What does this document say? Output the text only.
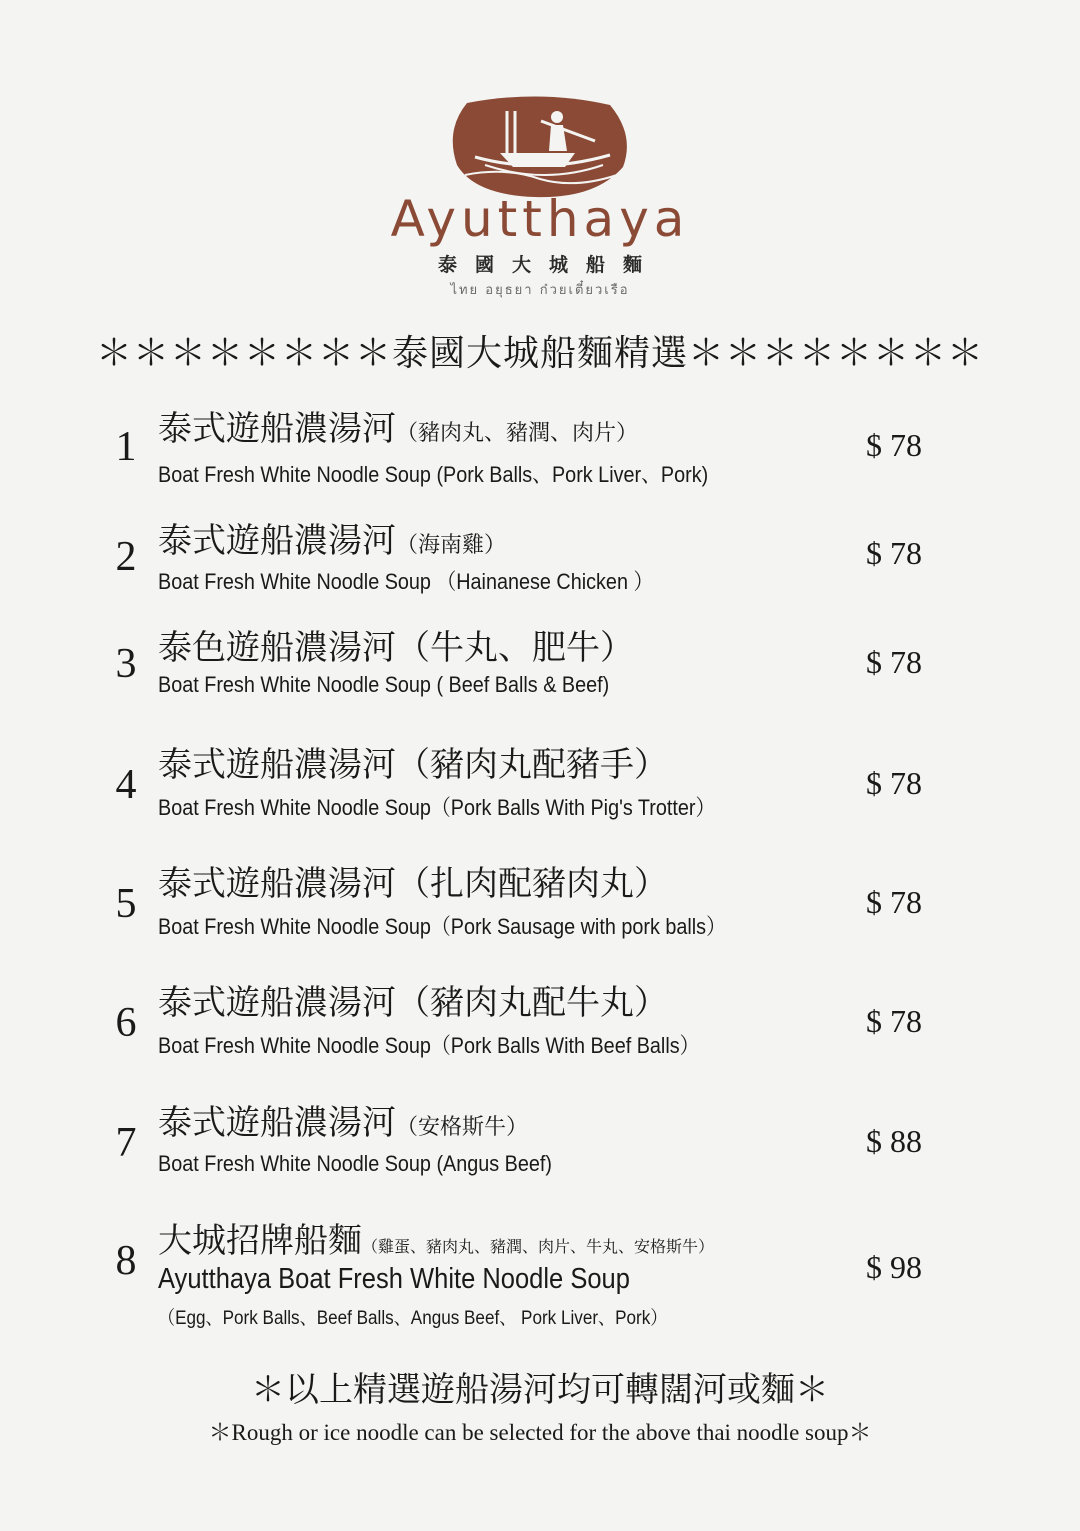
Ayutthaya
泰國大城船麵
ไทย อยุธยา ก๋วยเตี๋ยวเรือ
＊＊＊＊＊＊＊＊泰國大城船麵精選＊＊＊＊＊＊＊＊
1 泰式遊船濃湯河（豬肉丸、豬潤、肉片）
Boat Fresh White Noodle Soup (Pork Balls、Pork Liver、Pork)
$ 78
2 泰式遊船濃湯河（海南雞）
Boat Fresh White Noodle Soup （Hainanese Chicken ）
$ 78
3 泰色遊船濃湯河（牛丸、肥牛）
Boat Fresh White Noodle Soup ( Beef Balls & Beef)
$ 78
4 泰式遊船濃湯河（豬肉丸配豬手）
Boat Fresh White Noodle Soup（Pork Balls With Pig's Trotter）
$ 78
5 泰式遊船濃湯河（扎肉配豬肉丸）
Boat Fresh White Noodle Soup（Pork Sausage with pork balls）
$ 78
6 泰式遊船濃湯河（豬肉丸配牛丸）
Boat Fresh White Noodle Soup（Pork Balls With Beef Balls）
$ 78
7 泰式遊船濃湯河（安格斯牛）
Boat Fresh White Noodle Soup (Angus Beef)
$ 88
8 大城招牌船麵（雞蛋、豬肉丸、豬潤、肉片、牛丸、安格斯牛）
Ayutthaya Boat Fresh White Noodle Soup
（Egg、Pork Balls、Beef Balls、Angus Beef、 Pork Liver、Pork）
$ 98
＊以上精選遊船湯河均可轉闊河或麵＊
＊Rough or ice noodle can be selected for the above thai noodle soup＊
